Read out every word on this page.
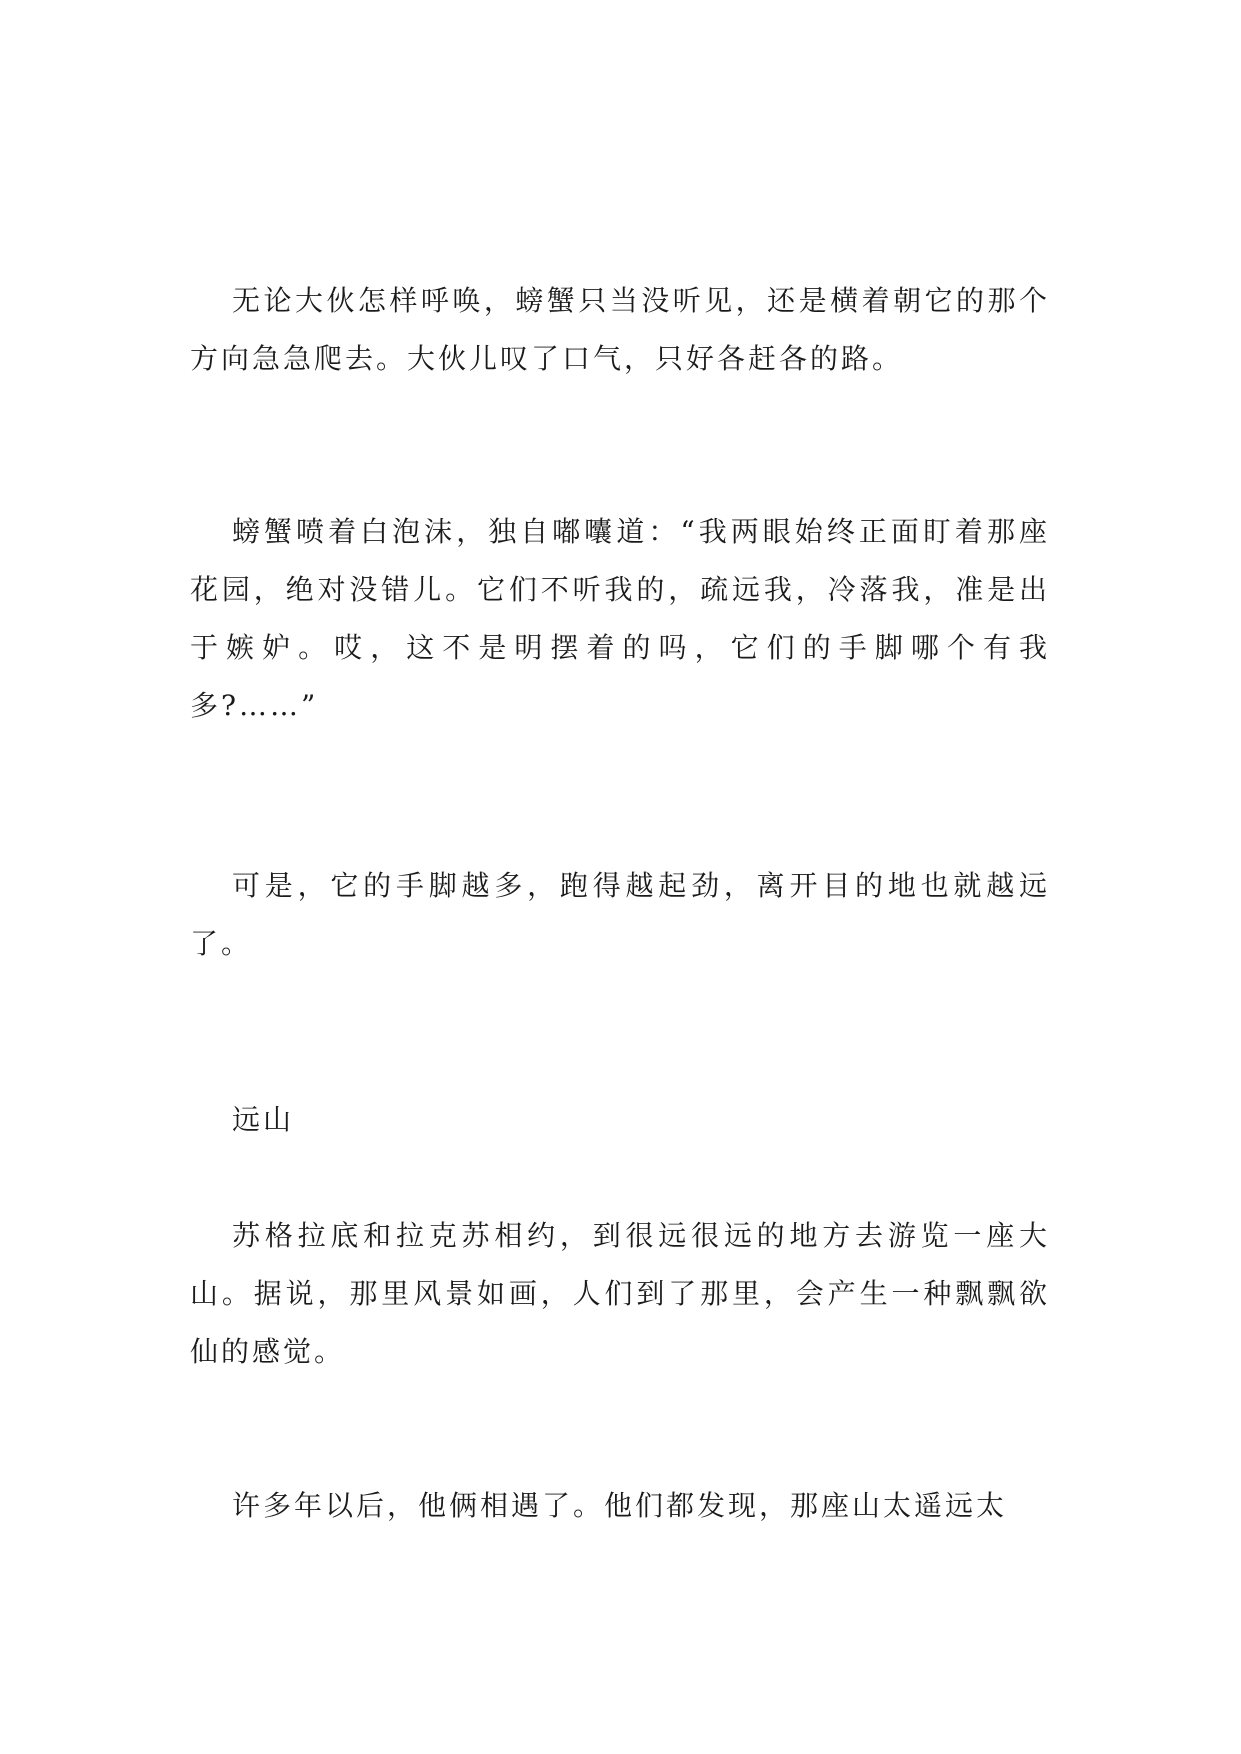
无论大伙怎样呼唤，螃蟹只当没听见，还是横着朝它的那个方向急急爬去。大伙儿叹了口气，只好各赶各的路。

螃蟹喷着白泡沫，独自嘟囔道：“我两眼始终正面盯着那座花园，绝对没错儿。它们不听我的，疏远我，冷落我，准是出于嫉妒。哎，这不是明摆着的吗，它们的手脚哪个有我多?……”

可是，它的手脚越多，跑得越起劲，离开目的地也就越远了。

远山

苏格拉底和拉克苏相约，到很远很远的地方去游览一座大山。据说，那里风景如画，人们到了那里，会产生一种飘飘欲仙的感觉。

许多年以后，他俩相遇了。他们都发现，那座山太遥远太
